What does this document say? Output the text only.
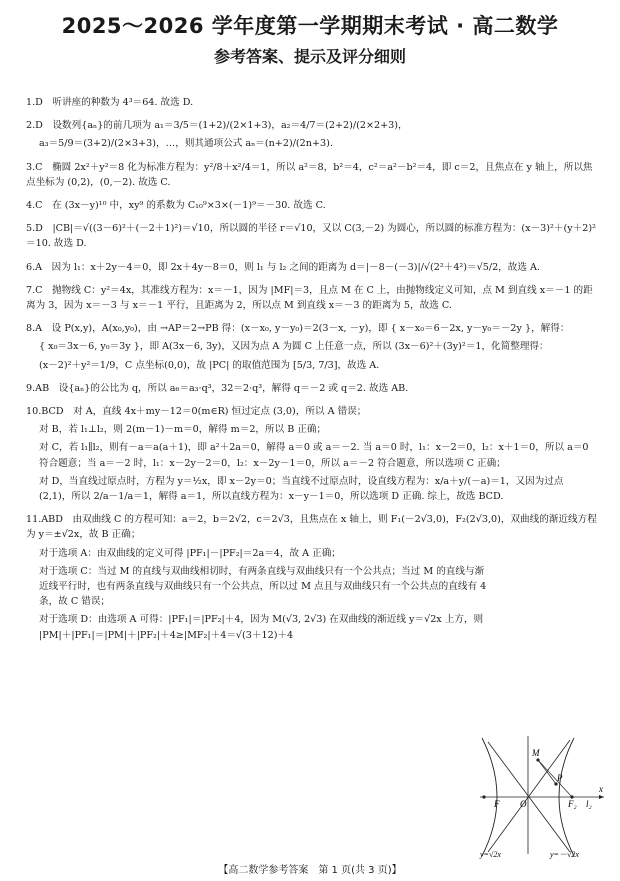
2025～2026 学年度第一学期期末考试 · 高二数学
参考答案、提示及评分细则

1.D　听讲座的种数为 4³＝64. 故选 D.

2.D　设数列{aₙ}的前几项为 a₁＝3/5＝(1+2)/(2×1+3)，a₂＝4/7＝(2+2)/(2×2+3)，

a₃＝5/9＝(3+2)/(2×3+3)，…，则其通项公式 aₙ＝(n+2)/(2n+3).

3.C　椭圆 2x²＋y²＝8 化为标准方程为：y²/8＋x²/4＝1，所以 a²＝8，b²＝4，c²＝a²－b²＝4，即 c＝2，且焦点在 y 轴上，所以焦点坐标为 (0,2)，(0,－2). 故选 C.

4.C　在 (3x－y)¹⁰ 中，xy⁹ 的系数为 C₁₀⁹×3×(－1)⁹＝－30. 故选 C.

5.D　|CB|＝√((3－6)²＋(－2＋1)²)＝√10，所以圆的半径 r＝√10，又以 C(3,－2) 为圆心，所以圆的标准方程为：(x－3)²＋(y＋2)²＝10. 故选 D.

6.A　因为 l₁：x＋2y－4＝0，即 2x＋4y－8＝0，则 l₁ 与 l₂ 之间的距离为 d＝|－8－(－3)|/√(2²＋4²)＝√5/2，故选 A.

7.C　抛物线 C：y²＝4x，其准线方程为：x＝－1，因为 |MF|＝3，且点 M 在 C 上，由抛物线定义可知，点 M 到直线 x＝－1 的距离为 3，因为 x＝－3 与 x＝－1 平行，且距离为 2，所以点 M 到直线 x＝－3 的距离为 5，故选 C.

8.A　设 P(x,y)，A(x₀,y₀)，由 →AP＝2→PB 得：(x－x₀, y－y₀)＝2(3－x, －y)，即 { x－x₀＝6－2x, y－y₀＝－2y }，解得：

{ x₀＝3x－6, y₀＝3y }，即 A(3x－6, 3y)，又因为点 A 为圆 C 上任意一点，所以 (3x－6)²＋(3y)²＝1，化简整理得：

(x－2)²＋y²＝1/9，C 点坐标(0,0)，故 |PC| 的取值范围为 [5/3, 7/3]，故选 A.

9.AB　设{aₙ}的公比为 q，所以 a₆＝a₃·q³，32＝2·q³，解得 q＝－2 或 q＝2. 故选 AB.

10.BCD　对 A，直线 4x＋my－12＝0(m∈R) 恒过定点 (3,0)，所以 A 错误；

对 B，若 l₁⊥l₂，则 2(m－1)－m＝0，解得 m＝2，所以 B 正确；

对 C，若 l₁∥l₂，则有－a＝a(a＋1)，即 a²＋2a＝0，解得 a＝0 或 a＝－2. 当 a＝0 时，l₁：x－2＝0，l₂：x＋1＝0，所以 a＝0 符合题意；当 a＝－2 时，l₁：x－2y－2＝0，l₂：x－2y－1＝0，所以 a＝－2 符合题意，所以选项 C 正确；

对 D，当直线过原点时，方程为 y＝½x，即 x－2y＝0；当直线不过原点时，设直线方程为：x/a＋y/(－a)＝1，又因为过点 (2,1)，所以 2/a－1/a＝1，解得 a＝1，所以直线方程为：x－y－1＝0，所以选项 D 正确. 综上，故选 BCD.

11.ABD　由双曲线 C 的方程可知：a＝2，b＝2√2，c＝2√3，且焦点在 x 轴上，则 F₁(－2√3,0)，F₂(2√3,0)，双曲线的渐近线方程为 y＝±√2x，故 B 正确；

对于选项 A：由双曲线的定义可得 |PF₁|－|PF₂|＝2a＝4，故 A 正确；

对于选项 C：当过 M 的直线与双曲线相切时，有两条直线与双曲线只有一个公共点；当过 M 的直线与渐近线平行时，也有两条直线与双曲线只有一个公共点，所以过 M 点且与双曲线只有一个公共点的直线有 4 条，故 C 错误；

对于选项 D：由选项 A 可得：|PF₁|＝|PF₂|＋4，因为 M(√3, 2√3) 在双曲线的渐近线 y＝√2x 上方，则 |PM|＋|PF₁|＝|PM|＋|PF₂|＋4≥|MF₂|＋4＝√(3＋12)＋4

M
P
F O	F₂ l₂
x
y=√2x	y=－√2x
【高二数学参考答案　第 1 页(共 3 页)】
